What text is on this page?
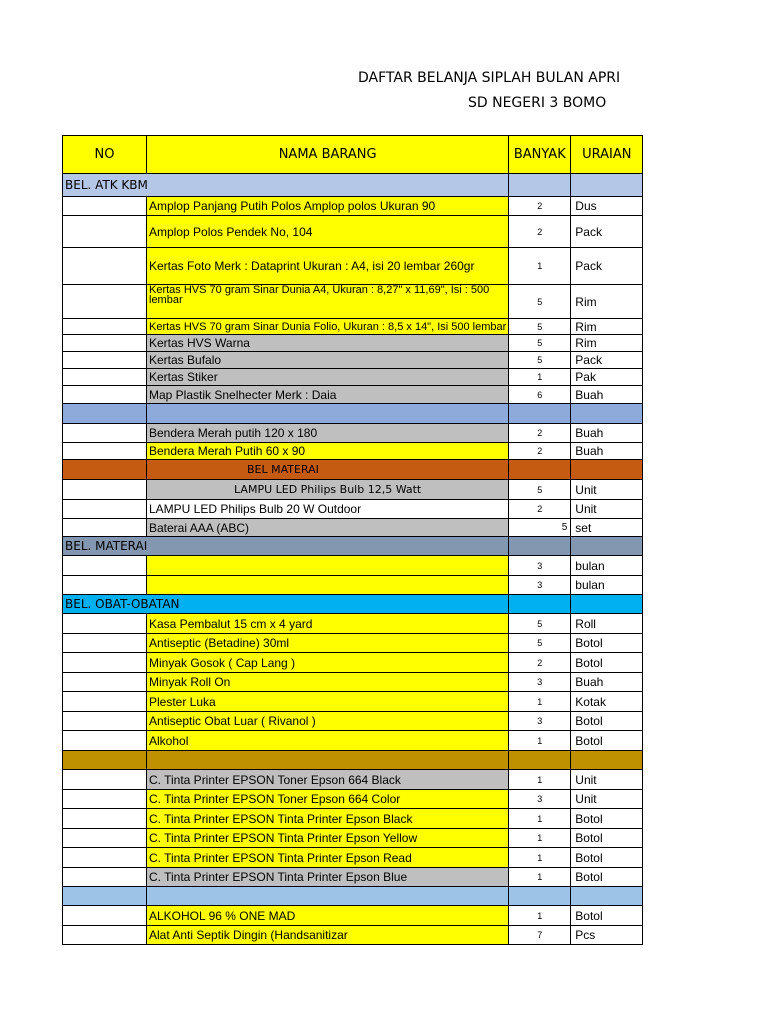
DAFTAR BELANJA SIPLAH BULAN APRI
SD NEGERI 3 BOMO
NO	NAMA BARANG	BANYAK	URAIAN
BEL. ATK KBM			
	Amplop Panjang Putih Polos Amplop polos Ukuran 90	2	Dus
	Amplop Polos Pendek No, 104	2	Pack
	Kertas Foto Merk : Dataprint Ukuran : A4, isi 20 lembar 260gr	1	Pack
	Kertas HVS 70 gram Sinar Dunia A4, Ukuran : 8,27" x 11,69", Isi : 500 lembar	5	Rim
	Kertas HVS 70 gram Sinar Dunia Folio, Ukuran : 8,5 x 14", Isi 500 lembar	5	Rim
	Kertas HVS Warna	5	Rim
	Kertas Bufalo	5	Pack
	Kertas Stiker	1	Pak
	Map Plastik Snelhecter Merk : Daia	6	Buah

	Bendera Merah putih 120 x 180	2	Buah
	Bendera Merah Putih 60 x 90	2	Buah
	BEL MATERAI		
	LAMPU LED Philips Bulb 12,5 Watt	5	Unit
	LAMPU LED Philips Bulb 20 W Outdoor	2	Unit
	Baterai AAA (ABC)	5	set
BEL. MATERAI			
		3	bulan
		3	bulan
BEL. OBAT-OBATAN			
	Kasa Pembalut 15 cm x 4 yard	5	Roll
	Antiseptic (Betadine) 30ml	5	Botol
	Minyak Gosok ( Cap Lang )	2	Botol
	Minyak Roll On	3	Buah
	Plester Luka	1	Kotak
	Antiseptic Obat Luar ( Rivanol )	3	Botol
	Alkohol	1	Botol

	C. Tinta Printer EPSON Toner Epson 664 Black	1	Unit
	C. Tinta Printer EPSON Toner Epson 664 Color	3	Unit
	C. Tinta Printer EPSON Tinta Printer Epson Black	1	Botol
	C. Tinta Printer EPSON Tinta Printer Epson Yellow	1	Botol
	C. Tinta Printer EPSON Tinta Printer Epson Read	1	Botol
	C. Tinta Printer EPSON Tinta Printer Epson Blue	1	Botol

	ALKOHOL 96 % ONE MAD	1	Botol
	Alat Anti Septik Dingin (Handsanitizar	7	Pcs
